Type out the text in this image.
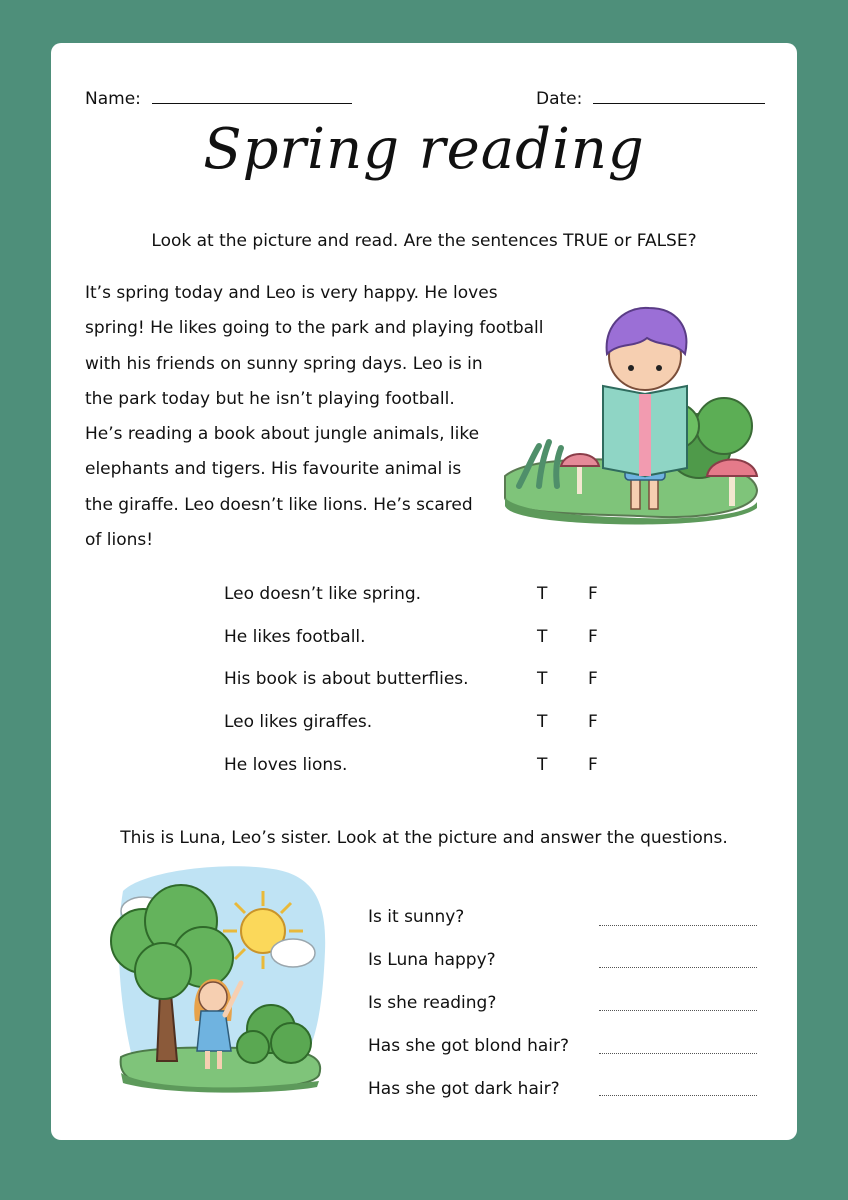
Name:	Date:
Spring reading
Look at the picture and read. Are the sentences TRUE or FALSE?
It’s spring today and Leo is very happy. He loves
spring! He likes going to the park and playing football
with his friends on sunny spring days. Leo is in
the park today but he isn’t playing football.
He’s reading a book about jungle animals, like
elephants and tigers. His favourite animal is
the giraffe. Leo doesn’t like lions. He’s scared
of lions!
Leo doesn’t like spring.	T F
He likes football.	T F
His book is about butterflies.	T F
Leo likes giraffes.	T F
He loves lions.	T F
This is Luna, Leo’s sister. Look at the picture and answer the questions.
Is it sunny?
Is Luna happy?
Is she reading?
Has she got blond hair?
Has she got dark hair?
